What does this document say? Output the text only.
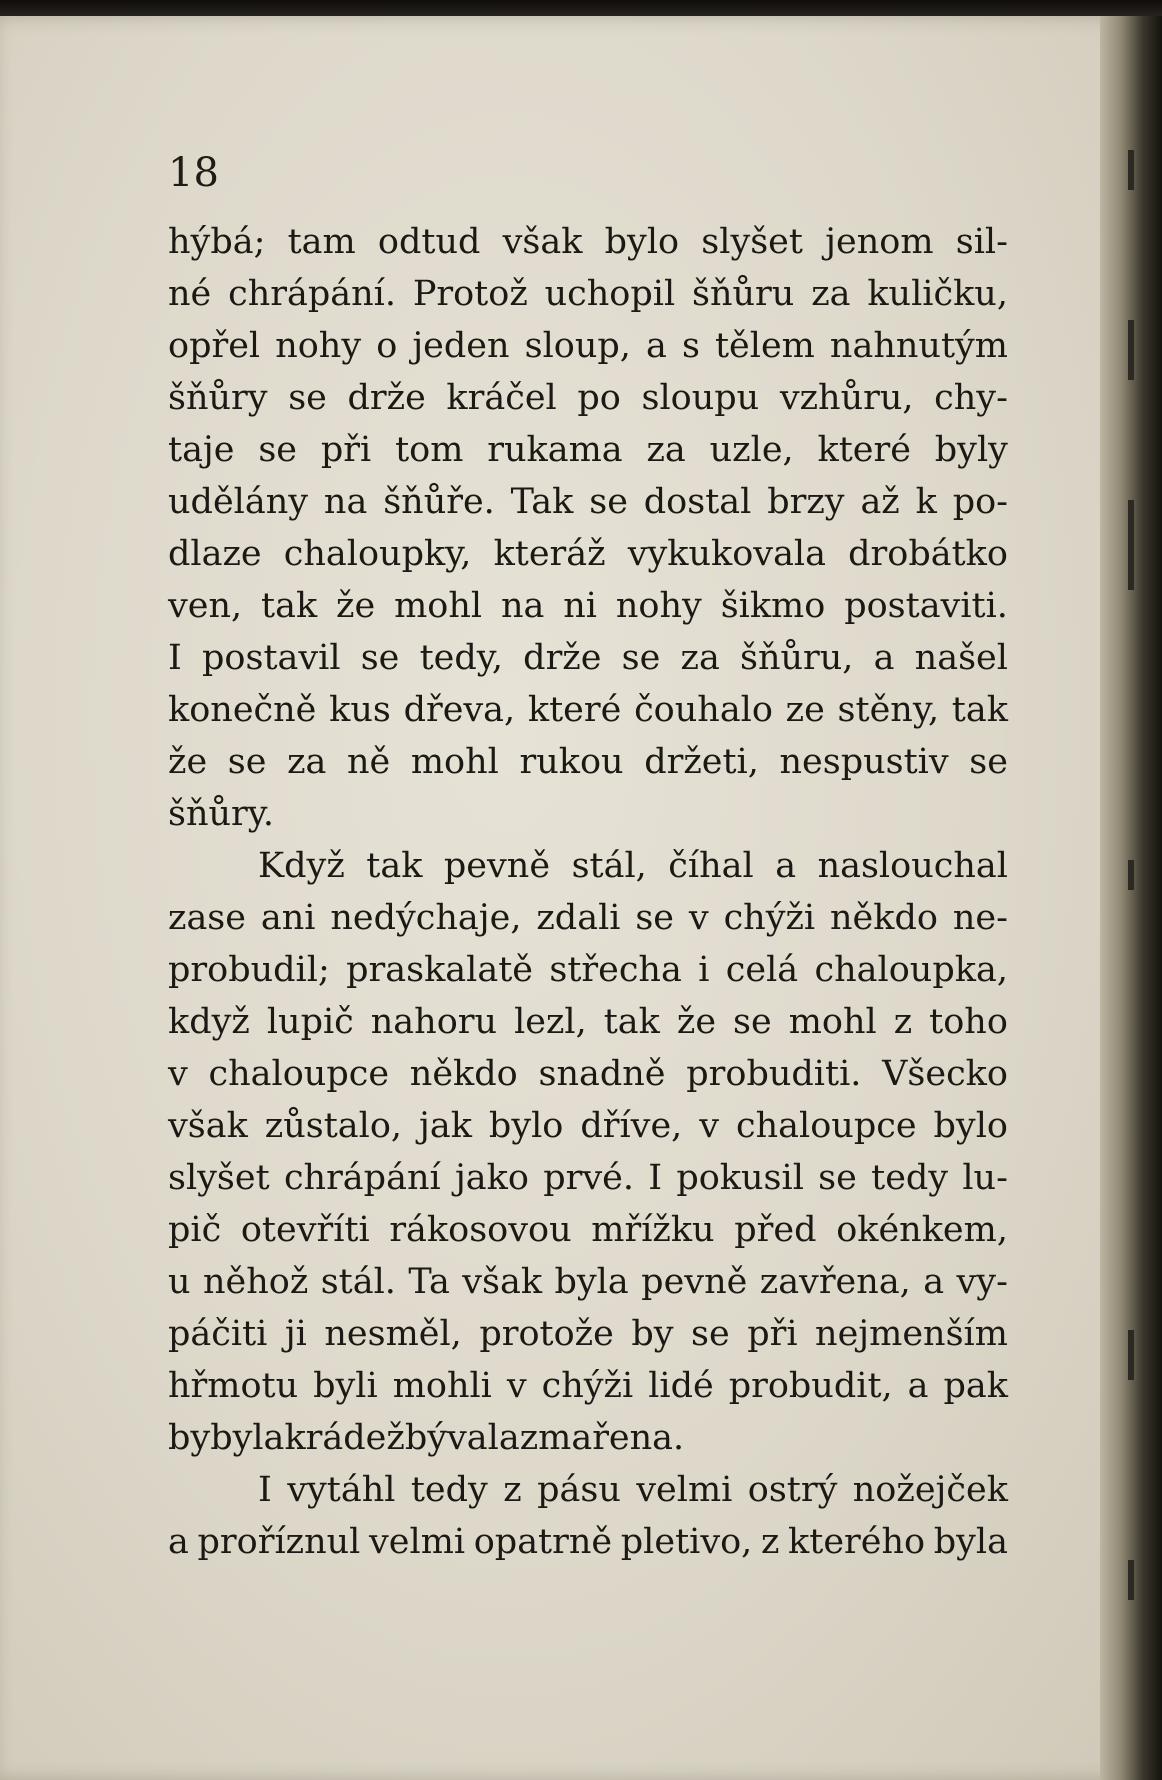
18
hýbá; tam odtud však bylo slyšet jenom sil-
né chrápání. Protož uchopil šňůru za kuličku,
opřel nohy o jeden sloup, a s tělem nahnutým
šňůry se drže kráčel po sloupu vzhůru, chy-
taje se při tom rukama za uzle, které byly
udělány na šňůře. Tak se dostal brzy až k po-
dlaze chaloupky, kteráž vykukovala drobátko
ven, tak že mohl na ni nohy šikmo postaviti.
I postavil se tedy, drže se za šňůru, a našel
konečně kus dřeva, které čouhalo ze stěny, tak
že se za ně mohl rukou držeti, nespustiv se
šňůry.
Když tak pevně stál, číhal a naslouchal
zase ani nedýchaje, zdali se v chýži někdo ne-
probudil; praskalatě střecha i celá chaloupka,
když lupič nahoru lezl, tak že se mohl z toho
v chaloupce někdo snadně probuditi. Všecko
však zůstalo, jak bylo dříve, v chaloupce bylo
slyšet chrápání jako prvé. I pokusil se tedy lu-
pič otevříti rákosovou mřížku před okénkem,
u něhož stál. Ta však byla pevně zavřena, a vy-
páčiti ji nesměl, protože by se při nejmenším
hřmotu byli mohli v chýži lidé probudit, a pak
by byla krádež bývala zmařena.
I vytáhl tedy z pásu velmi ostrý nožejček
a proříznul velmi opatrně pletivo, z kterého byla
